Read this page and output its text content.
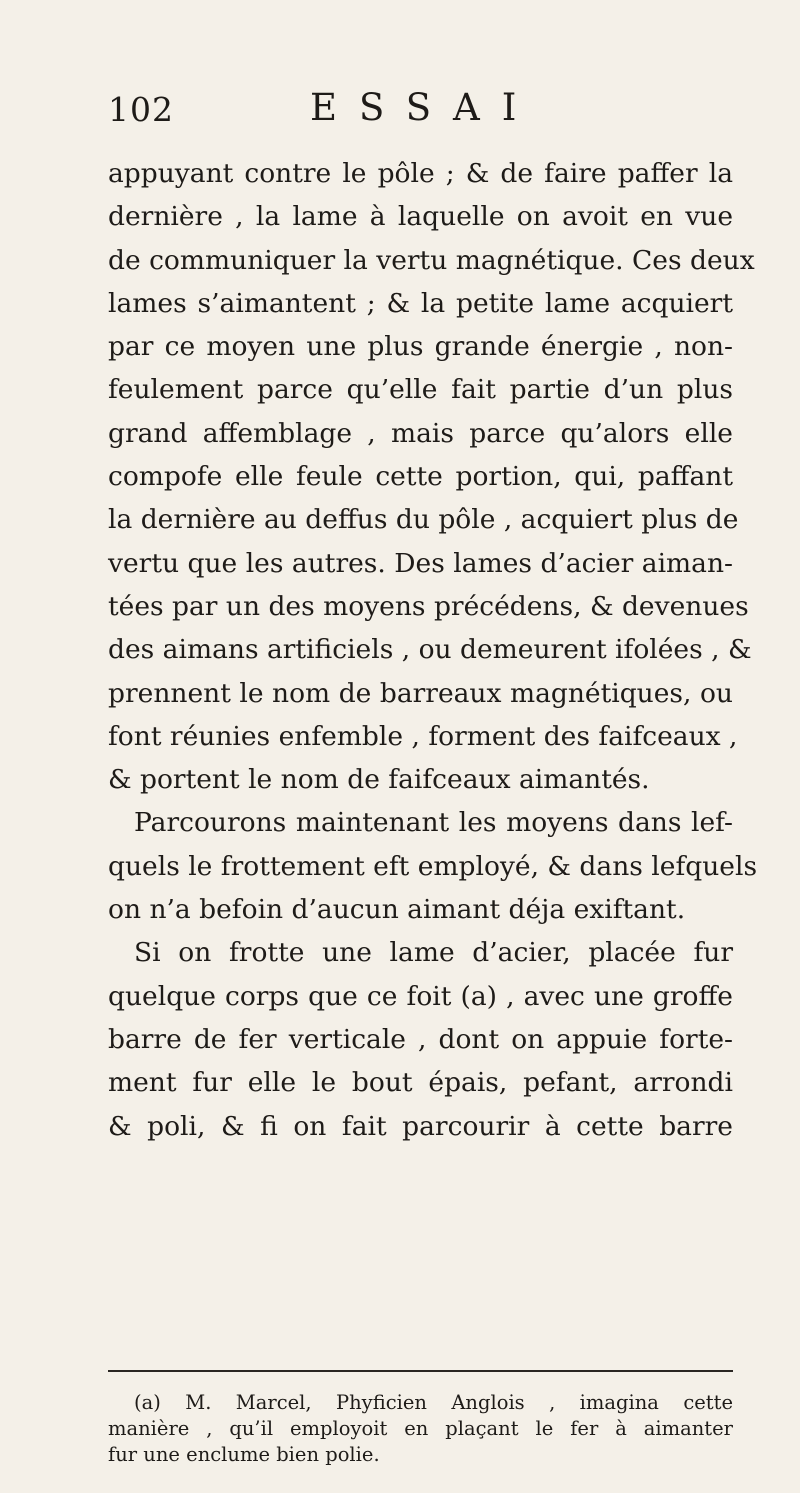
102	ESSAI
appuyant contre le pôle ; & de faire paffer la
dernière , la lame à laquelle on avoit en vue
de communiquer la vertu magnétique. Ces deux
lames s’aimantent ; & la petite lame acquiert
par ce moyen une plus grande énergie , non-
feulement parce qu’elle fait partie d’un plus
grand affemblage , mais parce qu’alors elle
compofe elle feule cette portion, qui, paffant
la dernière au deffus du pôle , acquiert plus de
vertu que les autres. Des lames d’acier aiman-
tées par un des moyens précédens, & devenues
des aimans artificiels , ou demeurent ifolées , &
prennent le nom de barreaux magnétiques, ou
font réunies enfemble , forment des faifceaux ,
& portent le nom de faifceaux aimantés.
Parcourons maintenant les moyens dans lef-
quels le frottement eft employé, & dans lefquels
on n’a befoin d’aucun aimant déja exiftant.
Si on frotte une lame d’acier, placée fur
quelque corps que ce foit (a) , avec une groffe
barre de fer verticale , dont on appuie forte-
ment fur elle le bout épais, pefant, arrondi
& poli, & fi on fait parcourir à cette barre
(a) M. Marcel, Phyficien Anglois , imagina cette
manière , qu’il employoit en plaçant le fer à aimanter
fur une enclume bien polie.
